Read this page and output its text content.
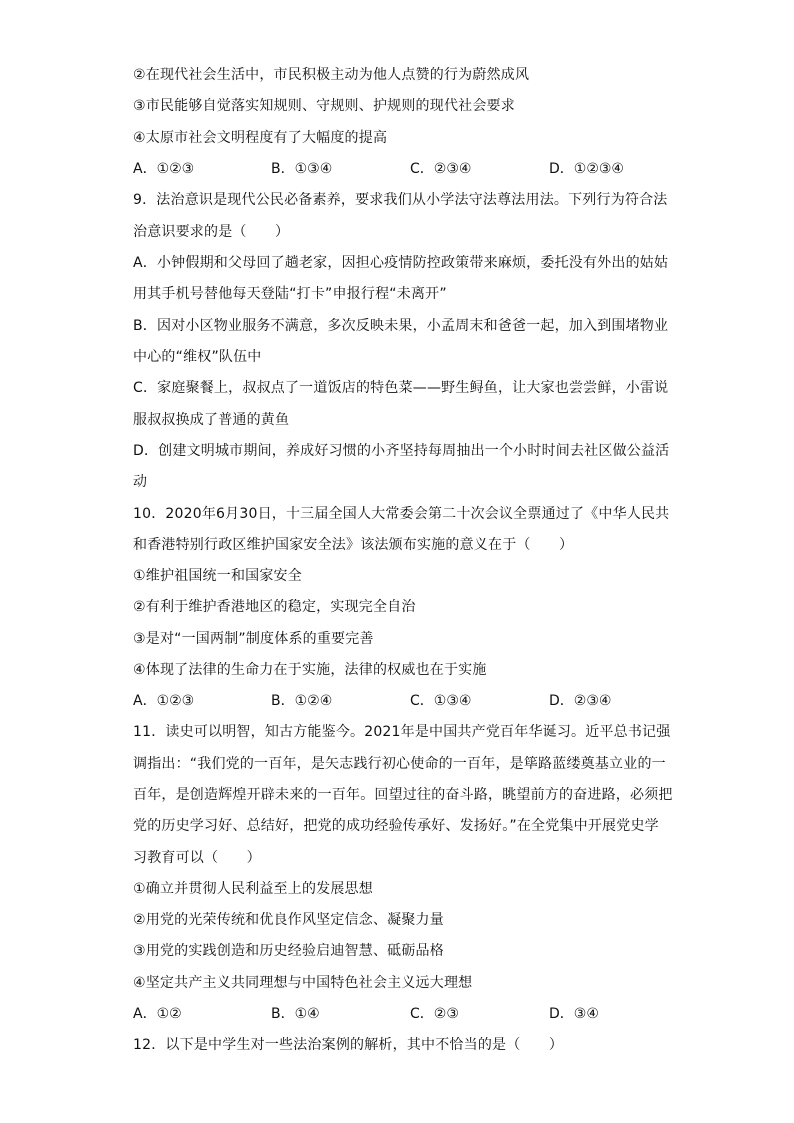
②在现代社会生活中，市民积极主动为他人点赞的行为蔚然成风
③市民能够自觉落实知规则、守规则、护规则的现代社会要求
④太原市社会文明程度有了大幅度的提高
A．①②③	B．①③④	C．②③④	D．①②③④
9．法治意识是现代公民必备素养，要求我们从小学法守法尊法用法。下列行为符合法
治意识要求的是（　　）
A．小钟假期和父母回了趟老家，因担心疫情防控政策带来麻烦，委托没有外出的姑姑
用其手机号替他每天登陆“打卡”申报行程“未离开”
B．因对小区物业服务不满意，多次反映未果，小孟周末和爸爸一起，加入到围堵物业
中心的“维权”队伍中
C．家庭聚餐上，叔叔点了一道饭店的特色菜——野生鲟鱼，让大家也尝尝鲜，小雷说
服叔叔换成了普通的黄鱼
D．创建文明城市期间，养成好习惯的小齐坚持每周抽出一个小时时间去社区做公益活
动
10．2020年6月30日，十三届全国人大常委会第二十次会议全票通过了《中华人民共
和香港特别行政区维护国家安全法》该法颁布实施的意义在于（　　）
①维护祖国统一和国家安全
②有利于维护香港地区的稳定，实现完全自治
③是对“一国两制”制度体系的重要完善
④体现了法律的生命力在于实施，法律的权威也在于实施
A．①②③	B．①②④	C．①③④	D．②③④
11．读史可以明智，知古方能鉴今。2021年是中国共产党百年华诞习。近平总书记强
调指出：“我们党的一百年，是矢志践行初心使命的一百年，是筚路蓝缕奠基立业的一
百年，是创造辉煌开辟未来的一百年。回望过往的奋斗路，眺望前方的奋进路，必须把
党的历史学习好、总结好，把党的成功经验传承好、发扬好。”在全党集中开展党史学
习教育可以（　　）
①确立并贯彻人民利益至上的发展思想
②用党的光荣传统和优良作风坚定信念、凝聚力量
③用党的实践创造和历史经验启迪智慧、砥砺品格
④坚定共产主义共同理想与中国特色社会主义远大理想
A．①②	B．①④	C．②③	D．③④
12．以下是中学生对一些法治案例的解析，其中不恰当的是（　　）
